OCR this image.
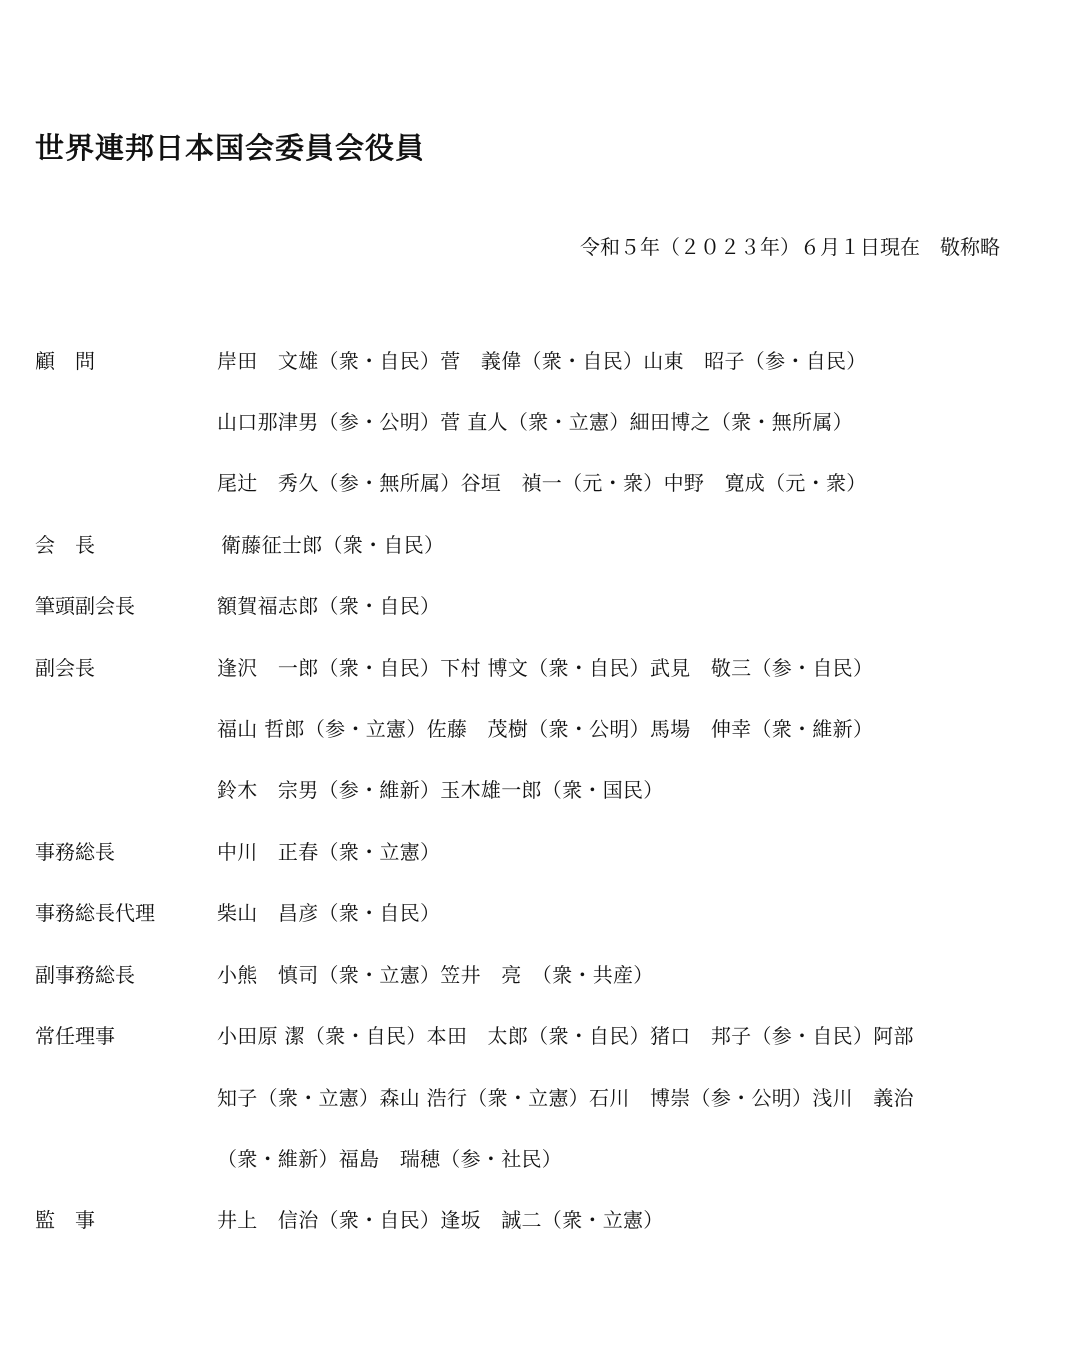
世界連邦日本国会委員会役員
令和５年（２０２３年）６月１日現在　敬称略
顧　問	岸田　文雄（衆・自民）菅　義偉（衆・自民）山東　昭子（参・自民）
山口那津男（参・公明）菅 直人（衆・立憲）細田博之（衆・無所属）
尾辻　秀久（参・無所属）谷垣　禎一（元・衆）中野　寛成（元・衆）
会　長	衛藤征士郎（衆・自民）
筆頭副会長	額賀福志郎（衆・自民）
副会長	逢沢　一郎（衆・自民）下村 博文（衆・自民）武見　敬三（参・自民）
福山 哲郎（参・立憲）佐藤　茂樹（衆・公明）馬場　伸幸（衆・維新）
鈴木　宗男（参・維新）玉木雄一郎（衆・国民）
事務総長	中川　正春（衆・立憲）
事務総長代理	柴山　昌彦（衆・自民）
副事務総長	小熊　慎司（衆・立憲）笠井　亮　（衆・共産）
常任理事	小田原 潔（衆・自民）本田　太郎（衆・自民）猪口　邦子（参・自民）阿部
知子（衆・立憲）森山 浩行（衆・立憲）石川　博崇（参・公明）浅川　義治
（衆・維新）福島　瑞穂（参・社民）
監　事	井上　信治（衆・自民）逢坂　誠二（衆・立憲）
